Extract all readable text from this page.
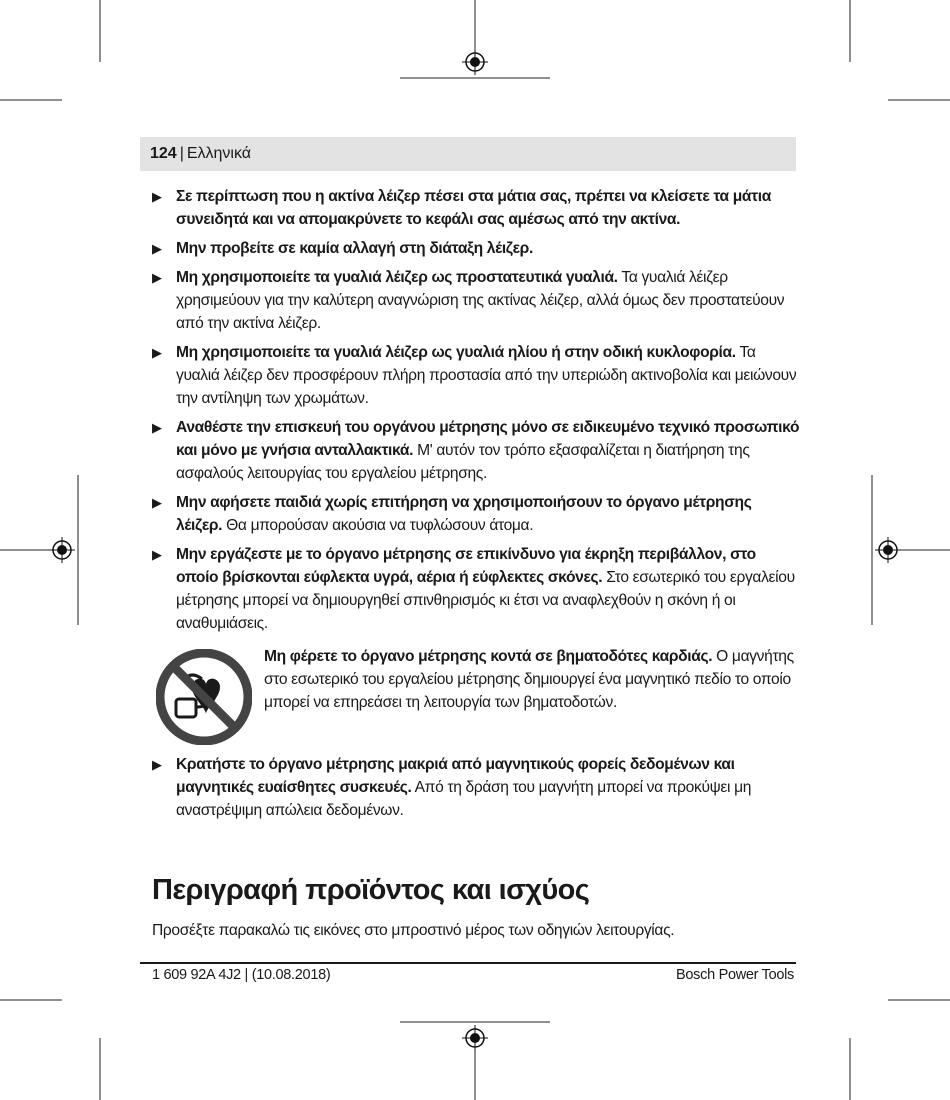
124 | Ελληνικά
▶ Σε περίπτωση που η ακτίνα λέιζερ πέσει στα μάτια σας, πρέπει να κλείσετε τα μάτια συνειδητά και να απομακρύνετε το κεφάλι σας αμέσως από την ακτίνα.
▶ Μην προβείτε σε καμία αλλαγή στη διάταξη λέιζερ.
▶ Μη χρησιμοποιείτε τα γυαλιά λέιζερ ως προστατευτικά γυαλιά. Τα γυαλιά λέιζερ χρησιμεύουν για την καλύτερη αναγνώριση της ακτίνας λέιζερ, αλλά όμως δεν προστατεύουν από την ακτίνα λέιζερ.
▶ Μη χρησιμοποιείτε τα γυαλιά λέιζερ ως γυαλιά ηλίου ή στην οδική κυκλοφορία. Τα γυαλιά λέιζερ δεν προσφέρουν πλήρη προστασία από την υπεριώδη ακτινοβολία και μειώνουν την αντίληψη των χρωμάτων.
▶ Αναθέστε την επισκευή του οργάνου μέτρησης μόνο σε ειδικευμένο τεχνικό προσωπικό και μόνο με γνήσια ανταλλακτικά. Μ' αυτόν τον τρόπο εξασφαλίζεται η διατήρηση της ασφαλούς λειτουργίας του εργαλείου μέτρησης.
▶ Μην αφήσετε παιδιά χωρίς επιτήρηση να χρησιμοποιήσουν το όργανο μέτρησης λέιζερ. Θα μπορούσαν ακούσια να τυφλώσουν άτομα.
▶ Μην εργάζεστε με το όργανο μέτρησης σε επικίνδυνο για έκρηξη περιβάλλον, στο οποίο βρίσκονται εύφλεκτα υγρά, αέρια ή εύφλεκτες σκόνες. Στο εσωτερικό του εργαλείου μέτρησης μπορεί να δημιουργηθεί σπινθηρισμός κι έτσι να αναφλεχθούν η σκόνη ή οι αναθυμιάσεις.
Μη φέρετε το όργανο μέτρησης κοντά σε βηματοδότες καρδιάς. Ο μαγνήτης στο εσωτερικό του εργαλείου μέτρησης δημιουργεί ένα μαγνητικό πεδίο το οποίο μπορεί να επηρεάσει τη λειτουργία των βηματοδοτών.
▶ Κρατήστε το όργανο μέτρησης μακριά από μαγνητικούς φορείς δεδομένων και μαγνητικές ευαίσθητες συσκευές. Από τη δράση του μαγνήτη μπορεί να προκύψει μη αναστρέψιμη απώλεια δεδομένων.
Περιγραφή προϊόντος και ισχύος

Προσέξτε παρακαλώ τις εικόνες στο μπροστινό μέρος των οδηγιών λειτουργίας.

1 609 92A 4J2 | (10.08.2018)	Bosch Power Tools
